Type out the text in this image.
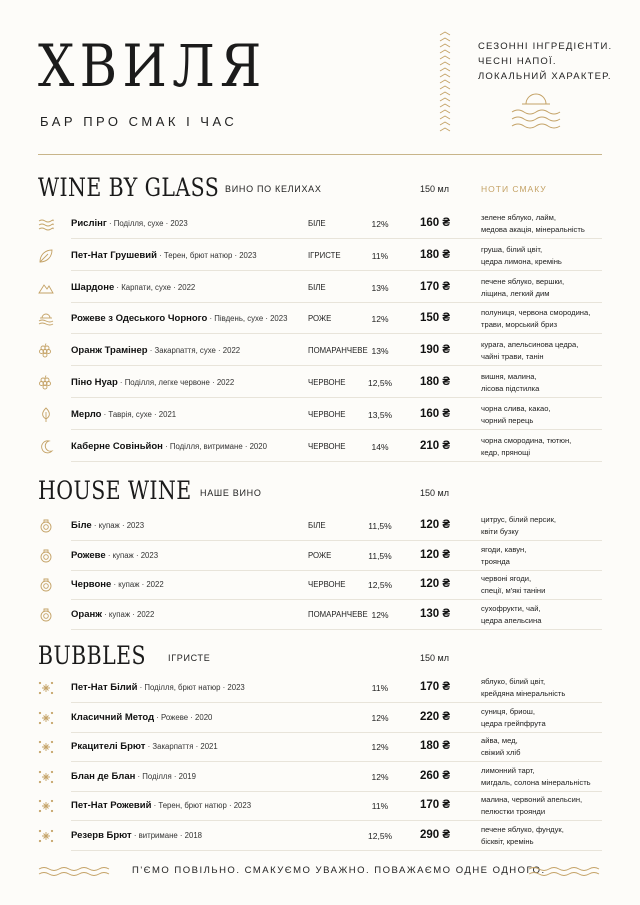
ХВИЛЯ
БАР ПРО СМАК І ЧАС
СЕЗОННІ ІНГРЕДІЄНТИ.
ЧЕСНІ НАПОЇ.
ЛОКАЛЬНИЙ ХАРАКТЕР.
WINE BY GLASS ВИНО ПО КЕЛИХАХ	150 мл	НОТИ СМАКУ
Рислінг · Поділля, сухе · 2023	БІЛЕ	12%	160 ₴	зелене яблуко, лайм,
медова акація, мінеральність
Пет-Нат Грушевий · Терен, брют натюр · 2023	ІГРИСТЕ	11%	180 ₴	груша, білий цвіт,
цедра лимона, кремінь
Шардоне · Карпати, сухе · 2022	БІЛЕ	13%	170 ₴	печене яблуко, вершки,
ліщина, легкий дим
Рожеве з Одеського Чорного · Південь, сухе · 2023	РОЖЕ	12%	150 ₴	полуниця, червона смородина,
трави, морський бриз
Оранж Трамінер · Закарпаття, сухе · 2022	ПОМАРАНЧЕВЕ 13%	190 ₴	курага, апельсинова цедра,
чайні трави, танін
Піно Нуар · Поділля, легке червоне · 2022	ЧЕРВОНЕ	12,5% 180 ₴	вишня, малина,
лісова підстилка
Мерло · Таврія, сухе · 2021	ЧЕРВОНЕ	13,5% 160 ₴	чорна слива, какао,
чорний перець
Каберне Совіньйон · Поділля, витримане · 2020	ЧЕРВОНЕ	14%	210 ₴	чорна смородина, тютюн,
кедр, прянощі
HOUSE WINE НАШЕ ВИНО	150 мл
Біле · купаж · 2023	БІЛЕ	11,5% 120 ₴	цитрус, білий персик,
квіти бузку
Рожеве · купаж · 2023	РОЖЕ	11,5% 120 ₴	ягоди, кавун,
троянда
Червоне · купаж · 2022	ЧЕРВОНЕ	12,5% 120 ₴	червоні ягоди,
спеції, м'які таніни
Оранж · купаж · 2022	ПОМАРАНЧЕВЕ 12%	130 ₴	сухофрукти, чай,
цедра апельсина
BUBBLES ІГРИСТЕ	150 мл
Пет-Нат Білий · Поділля, брют натюр · 2023	11%	170 ₴	яблуко, білий цвіт,
крейдяна мінеральність
Класичний Метод · Рожеве · 2020	12%	220 ₴	суниця, бриош,
цедра грейпфрута
Ркацителі Брют · Закарпаття · 2021	12%	180 ₴	айва, мед,
свіжий хліб
Блан де Блан · Поділля · 2019	12%	260 ₴	лимонний тарт,
мигдаль, солона мінеральність
Пет-Нат Рожевий · Терен, брют натюр · 2023	11%	170 ₴	малина, червоний апельсин,
пелюстки троянди
Резерв Брют · витримане · 2018	12,5% 290 ₴	печене яблуко, фундук,
бісквіт, кремінь
П'ЄМО ПОВІЛЬНО. СМАКУЄМО УВАЖНО. ПОВАЖАЄМО ОДНЕ ОДНОГО.
